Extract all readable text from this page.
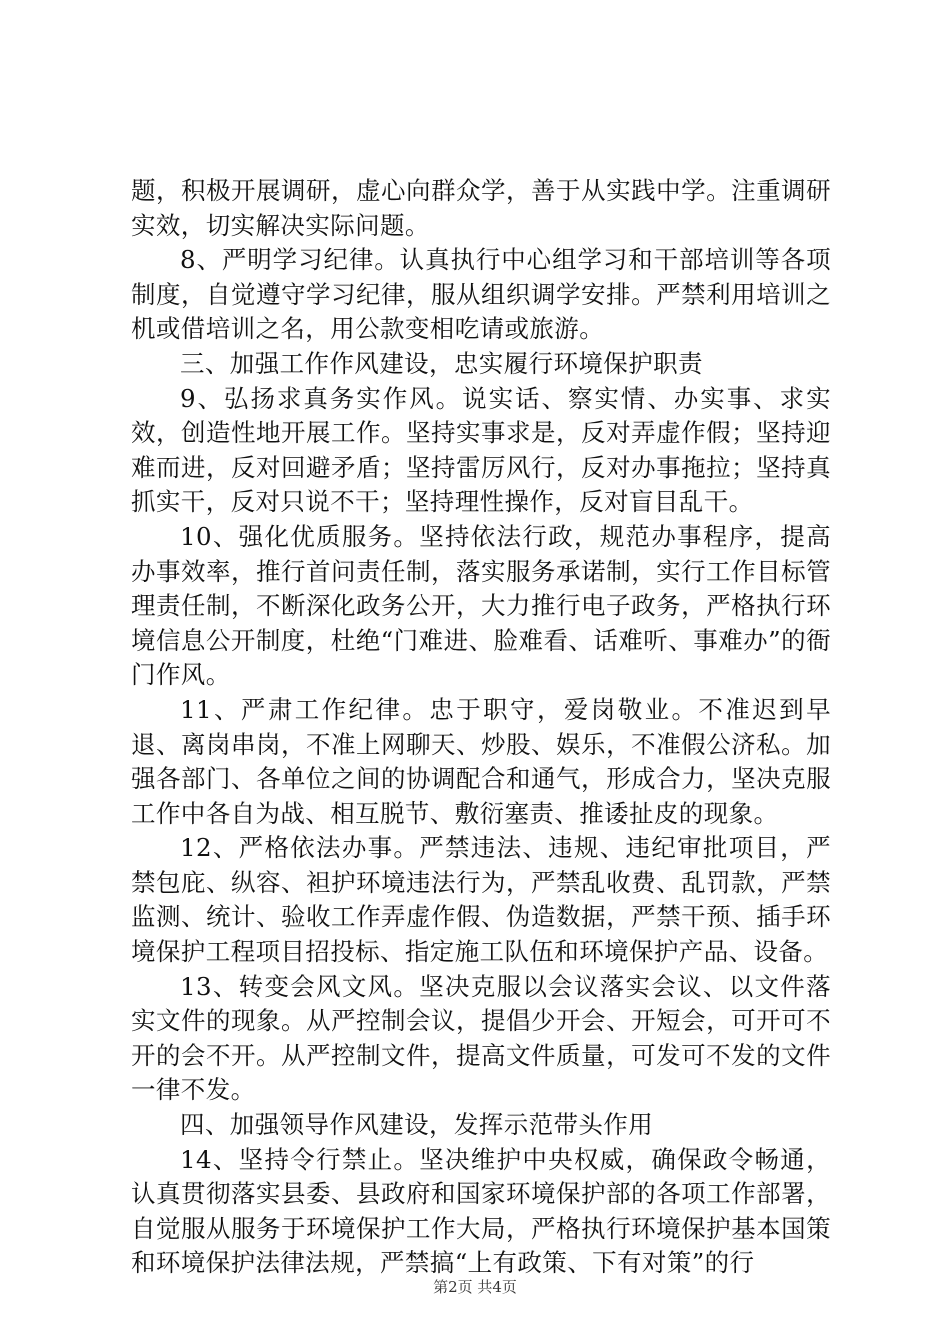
题，积极开展调研，虚心向群众学，善于从实践中学。注重调研实效，切实解决实际问题。

8、严明学习纪律。认真执行中心组学习和干部培训等各项制度，自觉遵守学习纪律，服从组织调学安排。严禁利用培训之机或借培训之名，用公款变相吃请或旅游。

三、加强工作作风建设，忠实履行环境保护职责

9、弘扬求真务实作风。说实话、察实情、办实事、求实效，创造性地开展工作。坚持实事求是，反对弄虚作假；坚持迎难而进，反对回避矛盾；坚持雷厉风行，反对办事拖拉；坚持真抓实干，反对只说不干；坚持理性操作，反对盲目乱干。

10、强化优质服务。坚持依法行政，规范办事程序，提高办事效率，推行首问责任制，落实服务承诺制，实行工作目标管理责任制，不断深化政务公开，大力推行电子政务，严格执行环境信息公开制度，杜绝“门难进、脸难看、话难听、事难办”的衙门作风。

11、严肃工作纪律。忠于职守，爱岗敬业。不准迟到早退、离岗串岗，不准上网聊天、炒股、娱乐，不准假公济私。加强各部门、各单位之间的协调配合和通气，形成合力，坚决克服工作中各自为战、相互脱节、敷衍塞责、推诿扯皮的现象。

12、严格依法办事。严禁违法、违规、违纪审批项目，严禁包庇、纵容、袒护环境违法行为，严禁乱收费、乱罚款，严禁监测、统计、验收工作弄虚作假、伪造数据，严禁干预、插手环境保护工程项目招投标、指定施工队伍和环境保护产品、设备。

13、转变会风文风。坚决克服以会议落实会议、以文件落实文件的现象。从严控制会议，提倡少开会、开短会，可开可不开的会不开。从严控制文件，提高文件质量，可发可不发的文件一律不发。

四、加强领导作风建设，发挥示范带头作用

14、坚持令行禁止。坚决维护中央权威，确保政令畅通，认真贯彻落实县委、县政府和国家环境保护部的各项工作部署，自觉服从服务于环境保护工作大局，严格执行环境保护基本国策和环境保护法律法规，严禁搞“上有政策、下有对策”的行

第2页 共4页
